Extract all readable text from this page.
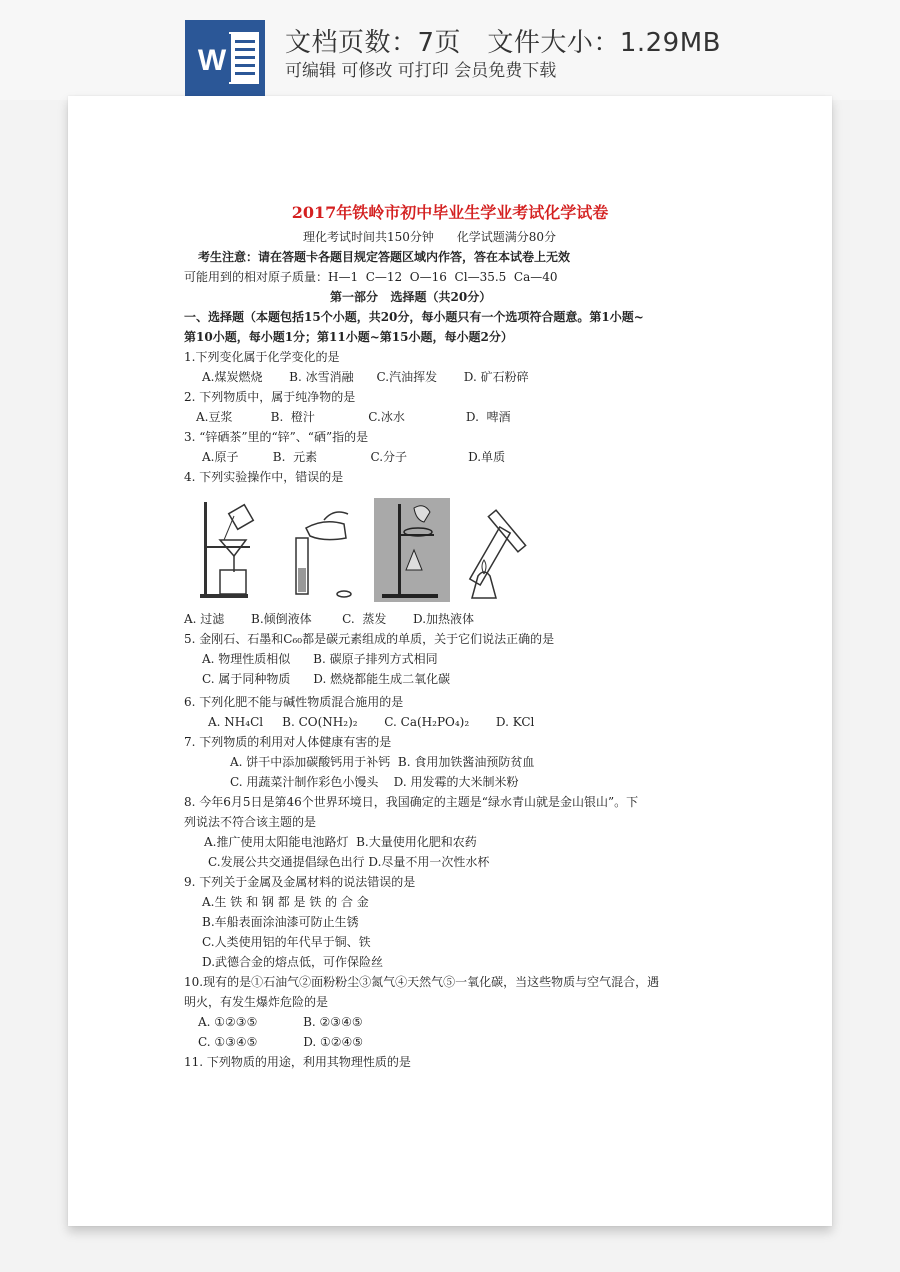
W
文档页数：7页   文件大小：1.29MB
可编辑 可修改 可打印 会员免费下载
2017年铁岭市初中毕业生学业考试化学试卷
理化考试时间共150分钟      化学试题满分80分
考生注意：请在答题卡各题目规定答题区域内作答，答在本试卷上无效
可能用到的相对原子质量：H—1  C—12  O—16  Cl—35.5  Ca—40
第一部分   选择题（共20分）
一、选择题（本题包括15个小题，共20分，每小题只有一个选项符合题意。第1小题~
第10小题，每小题1分；第11小题~第15小题，每小题2分）
1.下列变化属于化学变化的是
A.煤炭燃烧       B. 冰雪消融      C.汽油挥发       D. 矿石粉碎
2. 下列物质中，属于纯净物的是
A.豆浆          B.  橙汁              C.冰水                D.  啤酒
3. “锌硒茶”里的“锌”、“硒”指的是
A.原子         B.  元素              C.分子                D.单质
4. 下列实验操作中，错误的是
A. 过滤       B.倾倒液体        C.  蒸发       D.加热液体
5. 金刚石、石墨和C₆₀都是碳元素组成的单质，关于它们说法正确的是
A. 物理性质相似      B. 碳原子排列方式相同
C. 属于同种物质      D. 燃烧都能生成二氧化碳
6. 下列化肥不能与碱性物质混合施用的是
A. NH₄Cl     B. CO(NH₂)₂       C. Ca(H₂PO₄)₂       D. KCl
7. 下列物质的利用对人体健康有害的是
A. 饼干中添加碳酸钙用于补钙  B. 食用加铁酱油预防贫血
C. 用蔬菜汁制作彩色小馒头    D. 用发霉的大米制米粉
8. 今年6月5日是第46个世界环境日，我国确定的主题是“绿水青山就是金山银山”。下
列说法不符合该主题的是
A.推广使用太阳能电池路灯  B.大量使用化肥和农药
C.发展公共交通提倡绿色出行 D.尽量不用一次性水杯
9. 下列关于金属及金属材料的说法错误的是
A.生 铁 和 钢 都 是 铁 的 合 金
B.车船表面涂油漆可防止生锈
C.人类使用铝的年代早于铜、铁
D.武德合金的熔点低，可作保险丝
10.现有的是①石油气②面粉粉尘③氮气④天然气⑤一氧化碳，当这些物质与空气混合，遇
明火，有发生爆炸危险的是
A. ①②③⑤            B. ②③④⑤
C. ①③④⑤            D. ①②④⑤
11. 下列物质的用途，利用其物理性质的是
